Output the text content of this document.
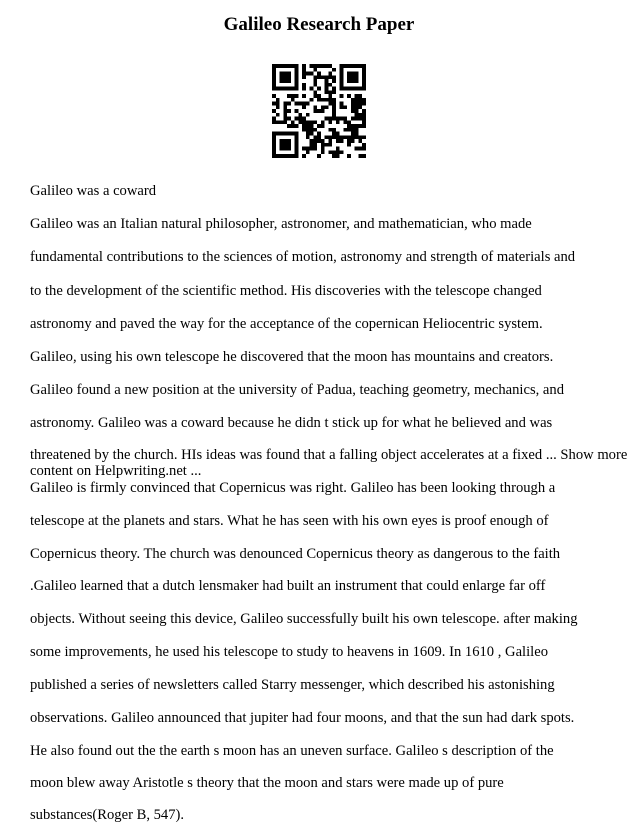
Galileo Research Paper
Galileo was a coward
Galileo was an Italian natural philosopher, astronomer, and mathematician, who made
fundamental contributions to the sciences of motion, astronomy and strength of materials and
to the development of the scientific method. His discoveries with the telescope changed
astronomy and paved the way for the acceptance of the copernican Heliocentric system.
Galileo, using his own telescope he discovered that the moon has mountains and creators.
Galileo found a new position at the university of Padua, teaching geometry, mechanics, and
astronomy. Galileo was a coward because he didn t stick up for what he believed and was
threatened by the church. HIs ideas was found that a falling object accelerates at a fixed ... Show more
content on Helpwriting.net ...
Galileo is firmly convinced that Copernicus was right. Galileo has been looking through a
telescope at the planets and stars. What he has seen with his own eyes is proof enough of
Copernicus theory. The church was denounced Copernicus theory as dangerous to the faith
.Galileo learned that a dutch lensmaker had built an instrument that could enlarge far off
objects. Without seeing this device, Galileo successfully built his own telescope. after making
some improvements, he used his telescope to study to heavens in 1609. In 1610 , Galileo
published a series of newsletters called Starry messenger, which described his astonishing
observations. Galileo announced that jupiter had four moons, and that the sun had dark spots.
He also found out the the earth s moon has an uneven surface. Galileo s description of the
moon blew away Aristotle s theory that the moon and stars were made up of pure
substances(Roger B, 547).
